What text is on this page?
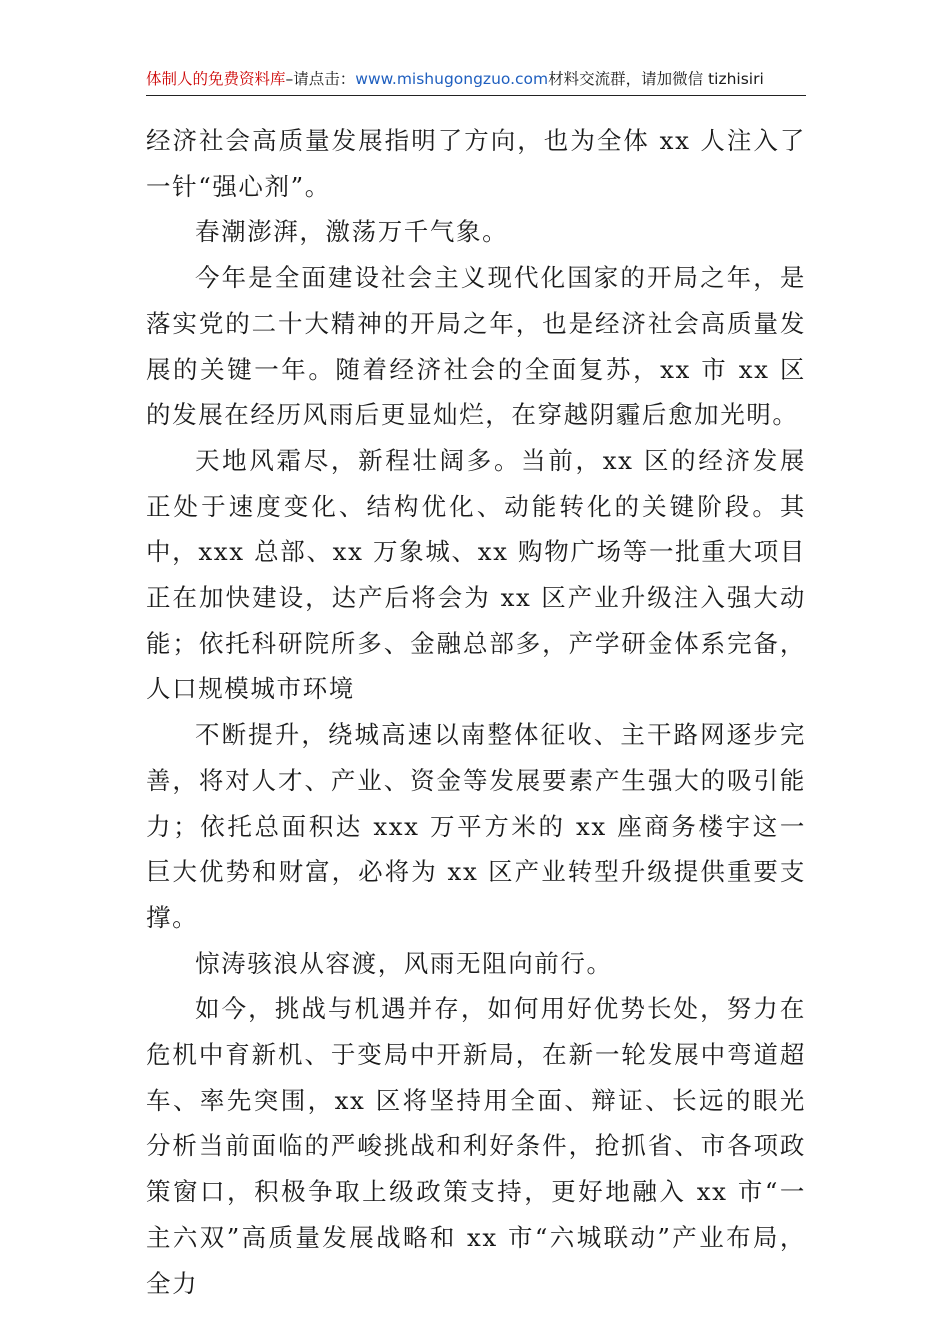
体制人的免费资料库–请点击：www.mishugongzuo.com材料交流群，请加微信 tizhisiri

经济社会高质量发展指明了方向，也为全体 xx 人注入了一针“强心剂”。

春潮澎湃，激荡万千气象。

今年是全面建设社会主义现代化国家的开局之年，是落实党的二十大精神的开局之年，也是经济社会高质量发展的关键一年。随着经济社会的全面复苏，xx 市 xx 区的发展在经历风雨后更显灿烂，在穿越阴霾后愈加光明。

天地风霜尽，新程壮阔多。当前，xx 区的经济发展正处于速度变化、结构优化、动能转化的关键阶段。其中，xxx 总部、xx 万象城、xx 购物广场等一批重大项目正在加快建设，达产后将会为 xx 区产业升级注入强大动能；依托科研院所多、金融总部多，产学研金体系完备，人口规模城市环境

不断提升，绕城高速以南整体征收、主干路网逐步完善，将对人才、产业、资金等发展要素产生强大的吸引能力；依托总面积达 xxx 万平方米的 xx 座商务楼宇这一巨大优势和财富，必将为 xx 区产业转型升级提供重要支撑。

惊涛骇浪从容渡，风雨无阻向前行。

如今，挑战与机遇并存，如何用好优势长处，努力在危机中育新机、于变局中开新局，在新一轮发展中弯道超车、率先突围，xx 区将坚持用全面、辩证、长远的眼光分析当前面临的严峻挑战和利好条件，抢抓省、市各项政策窗口，积极争取上级政策支持，更好地融入 xx 市“一主六双”高质量发展战略和 xx 市“六城联动”产业布局，全力
